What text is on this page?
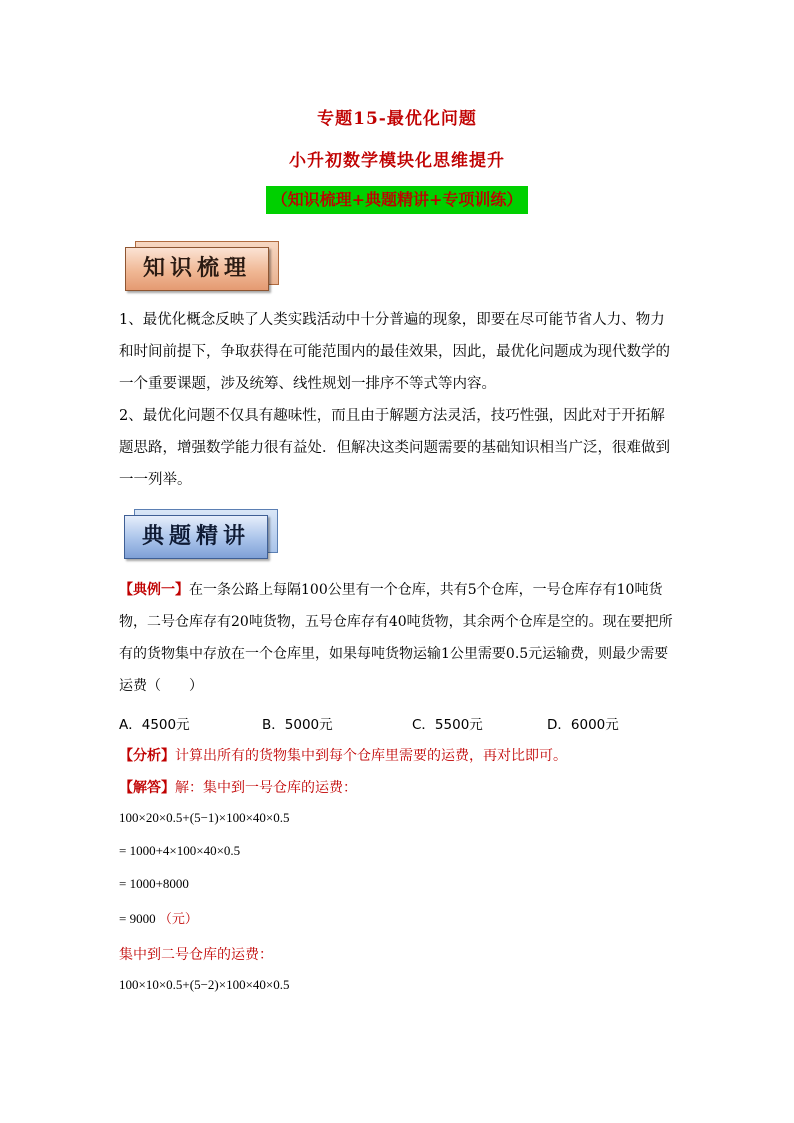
专题15-最优化问题
小升初数学模块化思维提升
（知识梳理+典题精讲+专项训练）
知识梳理

1、最优化概念反映了人类实践活动中十分普遍的现象，即要在尽可能节省人力、物力和时间前提下，争取获得在可能范围内的最佳效果，因此，最优化问题成为现代数学的一个重要课题，涉及统筹、线性规划一排序不等式等内容。

2、最优化问题不仅具有趣味性，而且由于解题方法灵活，技巧性强，因此对于开拓解题思路，增强数学能力很有益处．但解决这类问题需要的基础知识相当广泛，很难做到一一列举。

典题精讲
【典例一】在一条公路上每隔100公里有一个仓库，共有5个仓库，一号仓库存有10吨货物，二号仓库存有20吨货物，五号仓库存有40吨货物，其余两个仓库是空的。现在要把所有的货物集中存放在一个仓库里，如果每吨货物运输1公里需要0.5元运输费，则最少需要运费（　　）
A．4500元	B．5000元	C．5500元	D．6000元
【分析】计算出所有的货物集中到每个仓库里需要的运费，再对比即可。
【解答】解：集中到一号仓库的运费：
100×20×0.5+(5−1)×100×40×0.5
= 1000+4×100×40×0.5
= 1000+8000
= 9000 （元）
集中到二号仓库的运费：
100×10×0.5+(5−2)×100×40×0.5
